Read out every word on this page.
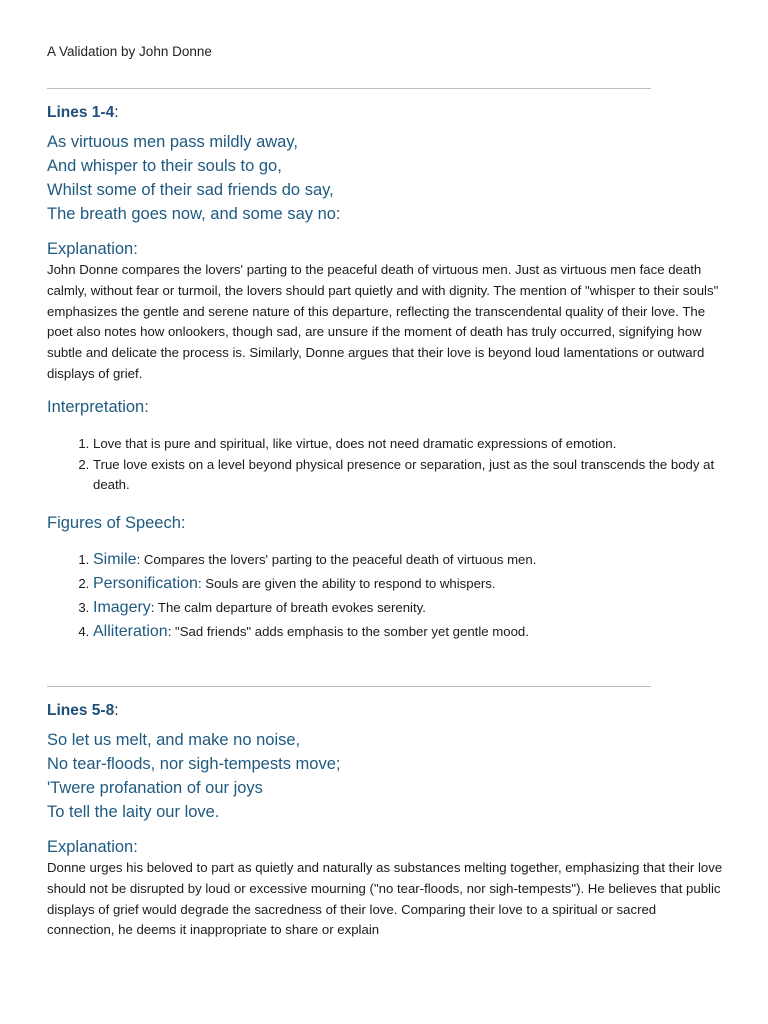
A Validation by John Donne
Lines 1-4:
As virtuous men pass mildly away,
And whisper to their souls to go,
Whilst some of their sad friends do say,
The breath goes now, and some say no:
Explanation:

John Donne compares the lovers' parting to the peaceful death of virtuous men. Just as virtuous men face death calmly, without fear or turmoil, the lovers should part quietly and with dignity. The mention of "whisper to their souls" emphasizes the gentle and serene nature of this departure, reflecting the transcendental quality of their love. The poet also notes how onlookers, though sad, are unsure if the moment of death has truly occurred, signifying how subtle and delicate the process is. Similarly, Donne argues that their love is beyond loud lamentations or outward displays of grief.

Interpretation:
1. Love that is pure and spiritual, like virtue, does not need dramatic expressions of emotion.
2. True love exists on a level beyond physical presence or separation, just as the soul transcends the body at death.
Figures of Speech:
1. Simile: Compares the lovers' parting to the peaceful death of virtuous men.
2. Personification: Souls are given the ability to respond to whispers.
3. Imagery: The calm departure of breath evokes serenity.
4. Alliteration: "Sad friends" adds emphasis to the somber yet gentle mood.
Lines 5-8:
So let us melt, and make no noise,
No tear-floods, nor sigh-tempests move;
'Twere profanation of our joys
To tell the laity our love.
Explanation:

Donne urges his beloved to part as quietly and naturally as substances melting together, emphasizing that their love should not be disrupted by loud or excessive mourning ("no tear-floods, nor sigh-tempests"). He believes that public displays of grief would degrade the sacredness of their love. Comparing their love to a spiritual or sacred connection, he deems it inappropriate to share or explain
